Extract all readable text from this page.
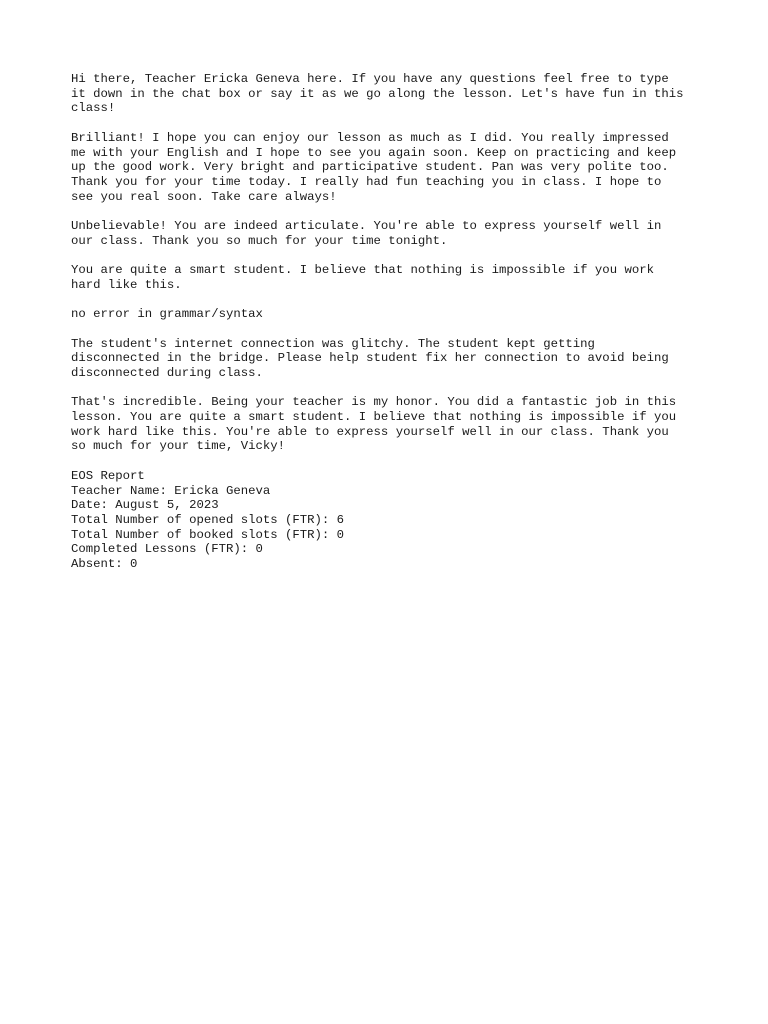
Hi there, Teacher Ericka Geneva here. If you have any questions feel free to type
it down in the chat box or say it as we go along the lesson. Let's have fun in this
class!
Brilliant! I hope you can enjoy our lesson as much as I did. You really impressed
me with your English and I hope to see you again soon. Keep on practicing and keep
up the good work. Very bright and participative student. Pan was very polite too.
Thank you for your time today. I really had fun teaching you in class. I hope to
see you real soon. Take care always!
Unbelievable! You are indeed articulate. You're able to express yourself well in
our class. Thank you so much for your time tonight.
You are quite a smart student. I believe that nothing is impossible if you work
hard like this.
no error in grammar/syntax
The student's internet connection was glitchy. The student kept getting
disconnected in the bridge. Please help student fix her connection to avoid being
disconnected during class.
That's incredible. Being your teacher is my honor. You did a fantastic job in this
lesson. You are quite a smart student. I believe that nothing is impossible if you
work hard like this. You're able to express yourself well in our class. Thank you
so much for your time, Vicky!
EOS Report
Teacher Name: Ericka Geneva
Date: August 5, 2023
Total Number of opened slots (FTR): 6
Total Number of booked slots (FTR): 0
Completed Lessons (FTR): 0
Absent: 0
